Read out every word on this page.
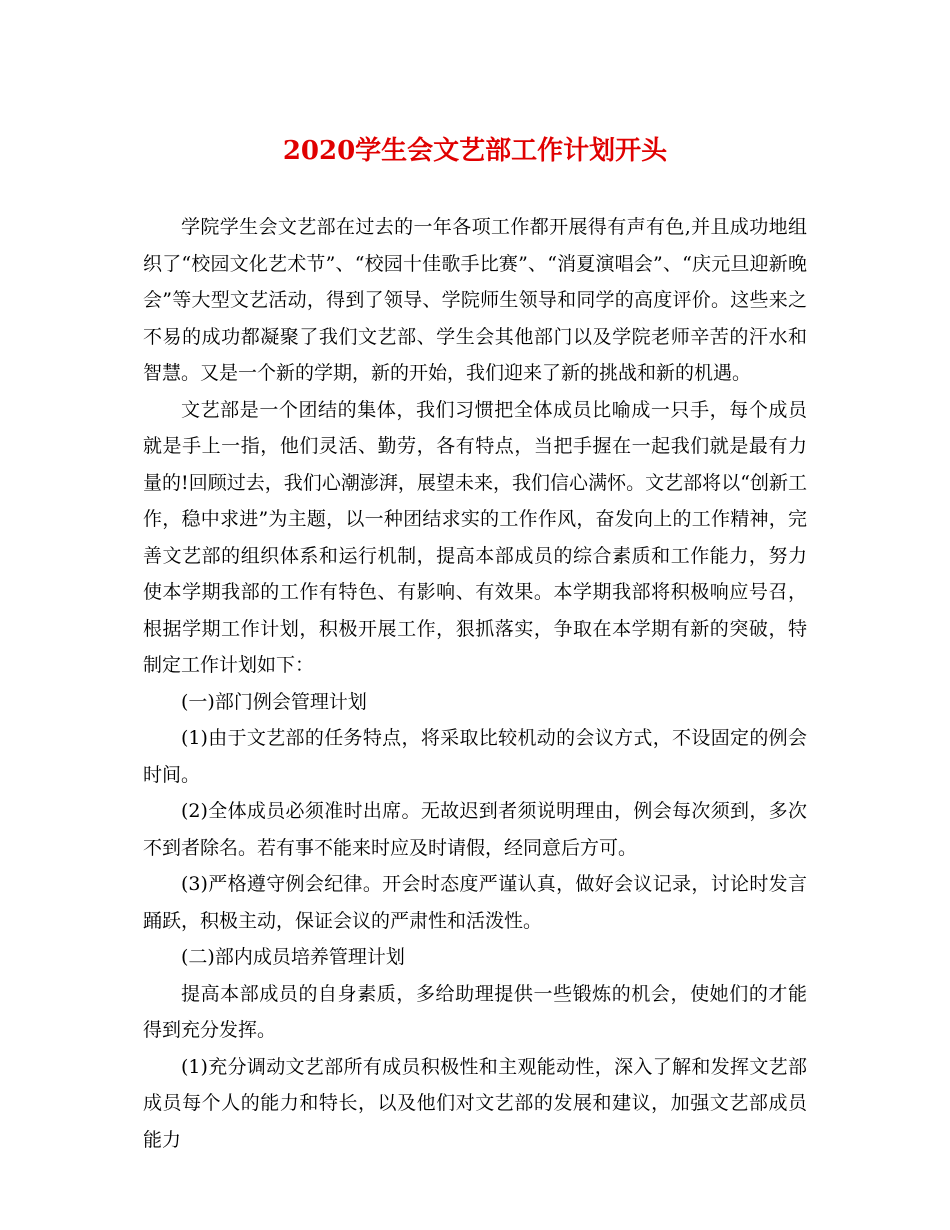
2020学生会文艺部工作计划开头

学院学生会文艺部在过去的一年各项工作都开展得有声有色,并且成功地组织了“校园文化艺术节”、“校园十佳歌手比赛”、“消夏演唱会”、“庆元旦迎新晚会”等大型文艺活动，得到了领导、学院师生领导和同学的高度评价。这些来之不易的成功都凝聚了我们文艺部、学生会其他部门以及学院老师辛苦的汗水和智慧。又是一个新的学期，新的开始，我们迎来了新的挑战和新的机遇。

文艺部是一个团结的集体，我们习惯把全体成员比喻成一只手，每个成员就是手上一指，他们灵活、勤劳，各有特点，当把手握在一起我们就是最有力量的!回顾过去，我们心潮澎湃，展望未来，我们信心满怀。文艺部将以“创新工作，稳中求进”为主题，以一种团结求实的工作作风，奋发向上的工作精神，完善文艺部的组织体系和运行机制，提高本部成员的综合素质和工作能力，努力使本学期我部的工作有特色、有影响、有效果。本学期我部将积极响应号召，根据学期工作计划，积极开展工作，狠抓落实，争取在本学期有新的突破，特制定工作计划如下：

(一)部门例会管理计划

(1)由于文艺部的任务特点，将采取比较机动的会议方式，不设固定的例会时间。

(2)全体成员必须准时出席。无故迟到者须说明理由，例会每次须到，多次不到者除名。若有事不能来时应及时请假，经同意后方可。

(3)严格遵守例会纪律。开会时态度严谨认真，做好会议记录，讨论时发言踊跃，积极主动，保证会议的严肃性和活泼性。

(二)部内成员培养管理计划

提高本部成员的自身素质，多给助理提供一些锻炼的机会，使她们的才能得到充分发挥。

(1)充分调动文艺部所有成员积极性和主观能动性，深入了解和发挥文艺部成员每个人的能力和特长，以及他们对文艺部的发展和建议，加强文艺部成员能力
